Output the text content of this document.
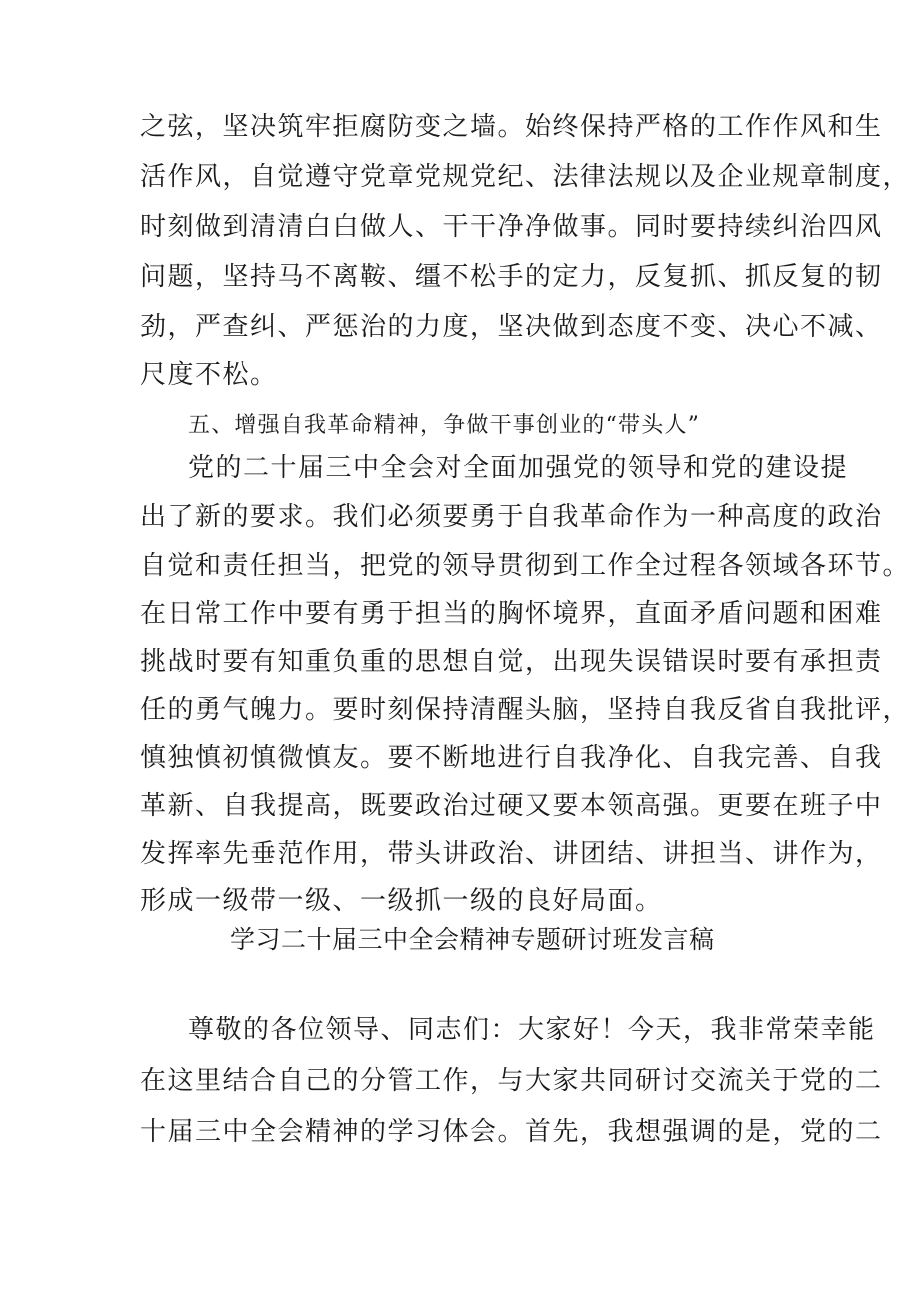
之弦，坚决筑牢拒腐防变之墙。始终保持严格的工作作风和生
活作风，自觉遵守党章党规党纪、法律法规以及企业规章制度，
时刻做到清清白白做人、干干净净做事。同时要持续纠治四风
问题，坚持马不离鞍、缰不松手的定力，反复抓、抓反复的韧
劲，严查纠、严惩治的力度，坚决做到态度不变、决心不减、
尺度不松。
五、增强自我革命精神，争做干事创业的“带头人”
党的二十届三中全会对全面加强党的领导和党的建设提
出了新的要求。我们必须要勇于自我革命作为一种高度的政治
自觉和责任担当，把党的领导贯彻到工作全过程各领域各环节。
在日常工作中要有勇于担当的胸怀境界，直面矛盾问题和困难
挑战时要有知重负重的思想自觉，出现失误错误时要有承担责
任的勇气魄力。要时刻保持清醒头脑，坚持自我反省自我批评，
慎独慎初慎微慎友。要不断地进行自我净化、自我完善、自我
革新、自我提高，既要政治过硬又要本领高强。更要在班子中
发挥率先垂范作用，带头讲政治、讲团结、讲担当、讲作为，
形成一级带一级、一级抓一级的良好局面。
学习二十届三中全会精神专题研讨班发言稿
尊敬的各位领导、同志们：大家好！今天，我非常荣幸能
在这里结合自己的分管工作，与大家共同研讨交流关于党的二
十届三中全会精神的学习体会。首先，我想强调的是，党的二
